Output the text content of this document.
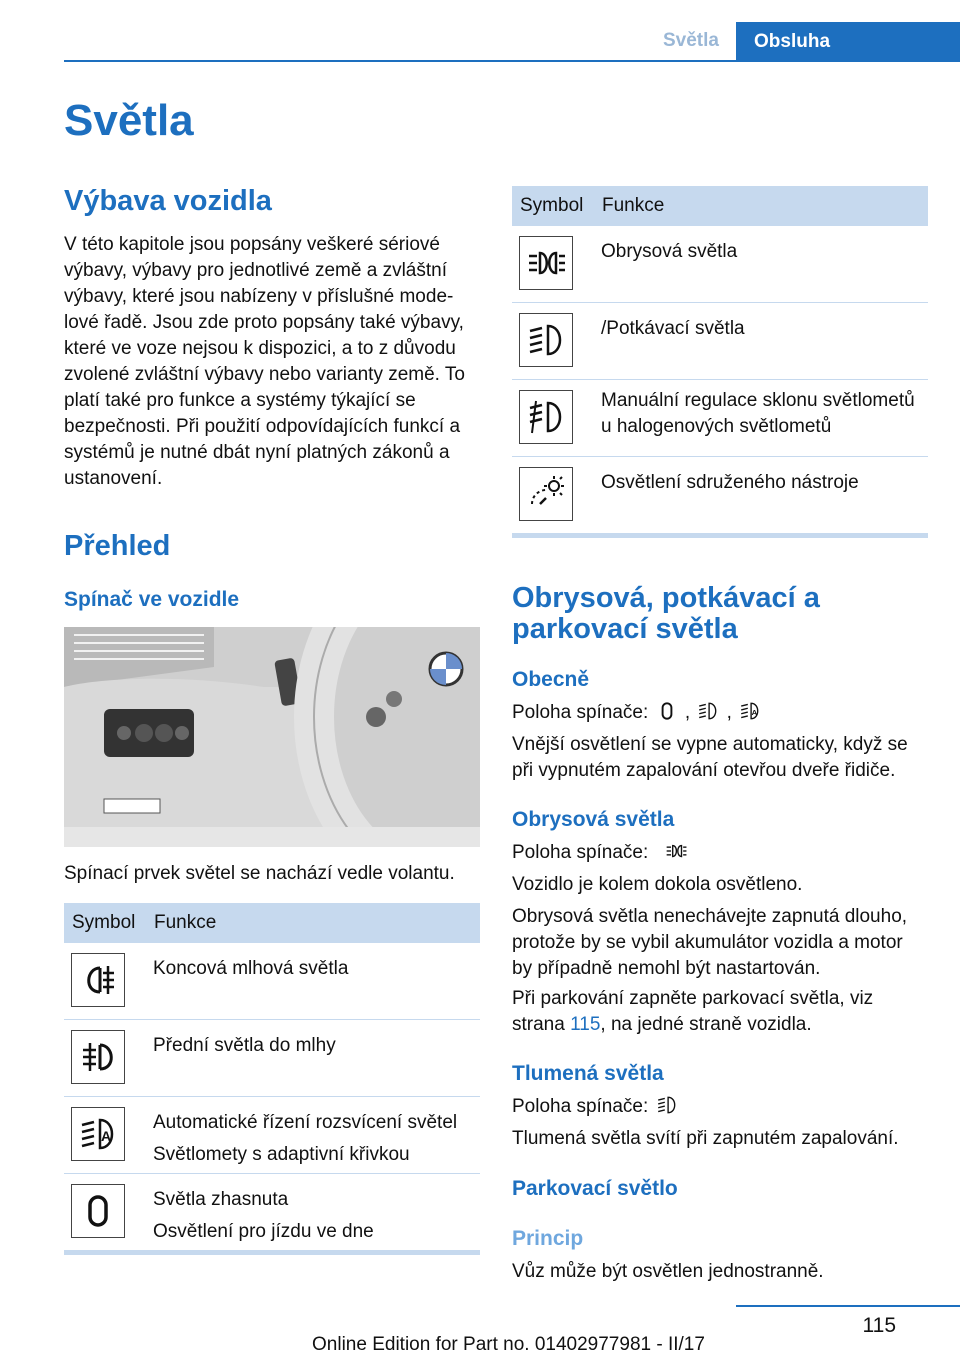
Světla	Obsluha
Světla
Výbava vozidla

V této kapitole jsou popsány veškeré sériové výbavy, výbavy pro jednotlivé země a zvláštní výbavy, které jsou nabízeny v příslušné modelové řadě. Jsou zde proto popsány také výbavy, které ve voze nejsou k dispozici, a to z důvodu zvolené zvláštní výbavy nebo varianty země. To platí také pro funkce a systémy týkající se bezpečnosti. Při použití odpovídajících funkcí a systémů je nutné dbát nyní platných zákonů a ustanovení.

Přehled
Spínač ve vozidle

Spínací prvek světel se nachází vedle volantu.

Symbol Funkce
Koncová mlhová světla
Přední světla do mlhy
Automatické řízení rozsvícení světel
Světlomety s adaptivní křivkou
Světla zhasnuta
Osvětlení pro jízdu ve dne
Symbol Funkce
Obrysová světla
/Potkávací světla
Manuální regulace sklonu světlometů u halogenových světlometů
Osvětlení sdruženého nástroje
Obrysová, potkávací a parkovací světla
Obecně

Poloha spínače:  ,  ,

Vnější osvětlení se vypne automaticky, když se při vypnutém zapalování otevřou dveře řidiče.

Obrysová světla

Poloha spínače:

Vozidlo je kolem dokola osvětleno.

Obrysová světla nenechávejte zapnutá dlouho, protože by se vybil akumulátor vozidla a motor by případně nemohl být nastartován.

Při parkování zapněte parkovací světla, viz strana 115, na jedné straně vozidla.

Tlumená světla

Poloha spínače:

Tlumená světla svítí při zapnutém zapalování.

Parkovací světlo
Princip

Vůz může být osvětlen jednostranně.

115
Online Edition for Part no. 01402977981 - II/17
